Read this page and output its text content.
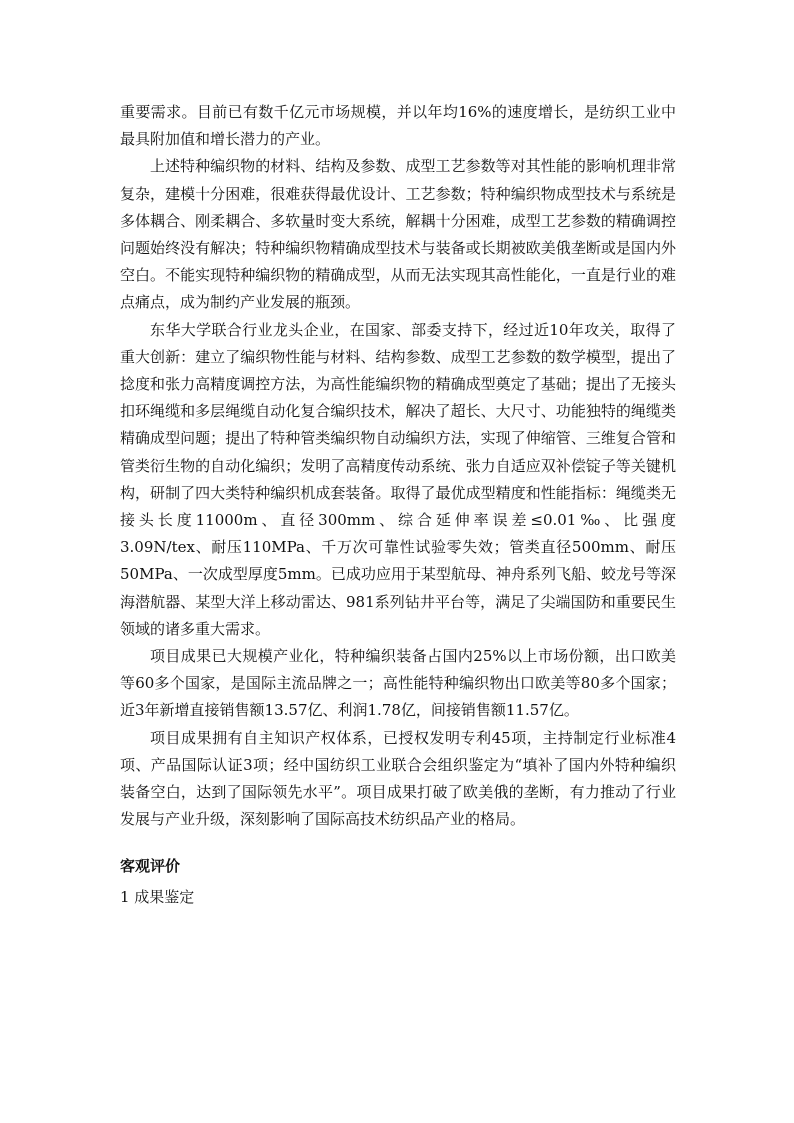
重要需求。目前已有数千亿元市场规模，并以年均16%的速度增长，是纺织工业中最具附加值和增长潜力的产业。

上述特种编织物的材料、结构及参数、成型工艺参数等对其性能的影响机理非常复杂，建模十分困难，很难获得最优设计、工艺参数；特种编织物成型技术与系统是多体耦合、刚柔耦合、多软量时变大系统，解耦十分困难，成型工艺参数的精确调控问题始终没有解决；特种编织物精确成型技术与装备或长期被欧美俄垄断或是国内外空白。不能实现特种编织物的精确成型，从而无法实现其高性能化，一直是行业的难点痛点，成为制约产业发展的瓶颈。

东华大学联合行业龙头企业，在国家、部委支持下，经过近10年攻关，取得了重大创新：建立了编织物性能与材料、结构参数、成型工艺参数的数学模型，提出了捻度和张力高精度调控方法，为高性能编织物的精确成型奠定了基础；提出了无接头扣环绳缆和多层绳缆自动化复合编织技术，解决了超长、大尺寸、功能独特的绳缆类精确成型问题；提出了特种管类编织物自动编织方法，实现了伸缩管、三维复合管和管类衍生物的自动化编织；发明了高精度传动系统、张力自适应双补偿锭子等关键机构，研制了四大类特种编织机成套装备。取得了最优成型精度和性能指标：绳缆类无接头长度11000m、直径300mm、综合延伸率误差≤0.01‰、比强度3.09N/tex、耐压110MPa、千万次可靠性试验零失效；管类直径500mm、耐压50MPa、一次成型厚度5mm。已成功应用于某型航母、神舟系列飞船、蛟龙号等深海潜航器、某型大洋上移动雷达、981系列钻井平台等，满足了尖端国防和重要民生领域的诸多重大需求。

项目成果已大规模产业化，特种编织装备占国内25%以上市场份额，出口欧美等60多个国家，是国际主流品牌之一；高性能特种编织物出口欧美等80多个国家；近3年新增直接销售额13.57亿、利润1.78亿，间接销售额11.57亿。

项目成果拥有自主知识产权体系，已授权发明专利45项，主持制定行业标准4项、产品国际认证3项；经中国纺织工业联合会组织鉴定为“填补了国内外特种编织装备空白，达到了国际领先水平”。项目成果打破了欧美俄的垄断，有力推动了行业发展与产业升级，深刻影响了国际高技术纺织品产业的格局。

客观评价
1 成果鉴定
